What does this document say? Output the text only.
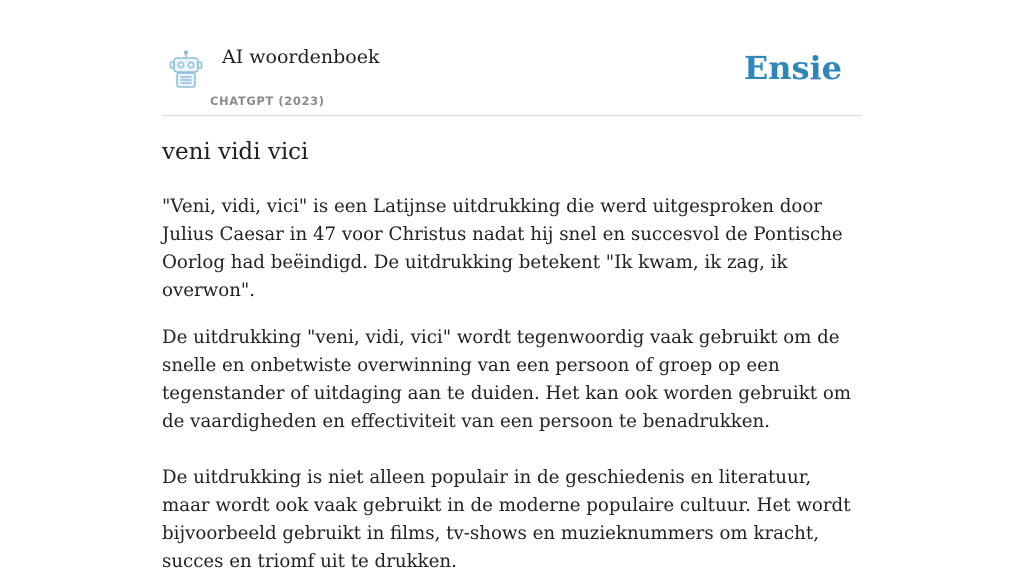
AI woordenboek
CHATGPT (2023)
Ensie
veni vidi vici

"Veni, vidi, vici" is een Latijnse uitdrukking die werd uitgesproken door Julius Caesar in 47 voor Christus nadat hij snel en succesvol de Pontische Oorlog had beëindigd. De uitdrukking betekent "Ik kwam, ik zag, ik overwon".

De uitdrukking "veni, vidi, vici" wordt tegenwoordig vaak gebruikt om de snelle en onbetwiste overwinning van een persoon of groep op een tegenstander of uitdaging aan te duiden. Het kan ook worden gebruikt om de vaardigheden en effectiviteit van een persoon te benadrukken.

De uitdrukking is niet alleen populair in de geschiedenis en literatuur, maar wordt ook vaak gebruikt in de moderne populaire cultuur. Het wordt bijvoorbeeld gebruikt in films, tv-shows en muzieknummers om kracht, succes en triomf uit te drukken.
